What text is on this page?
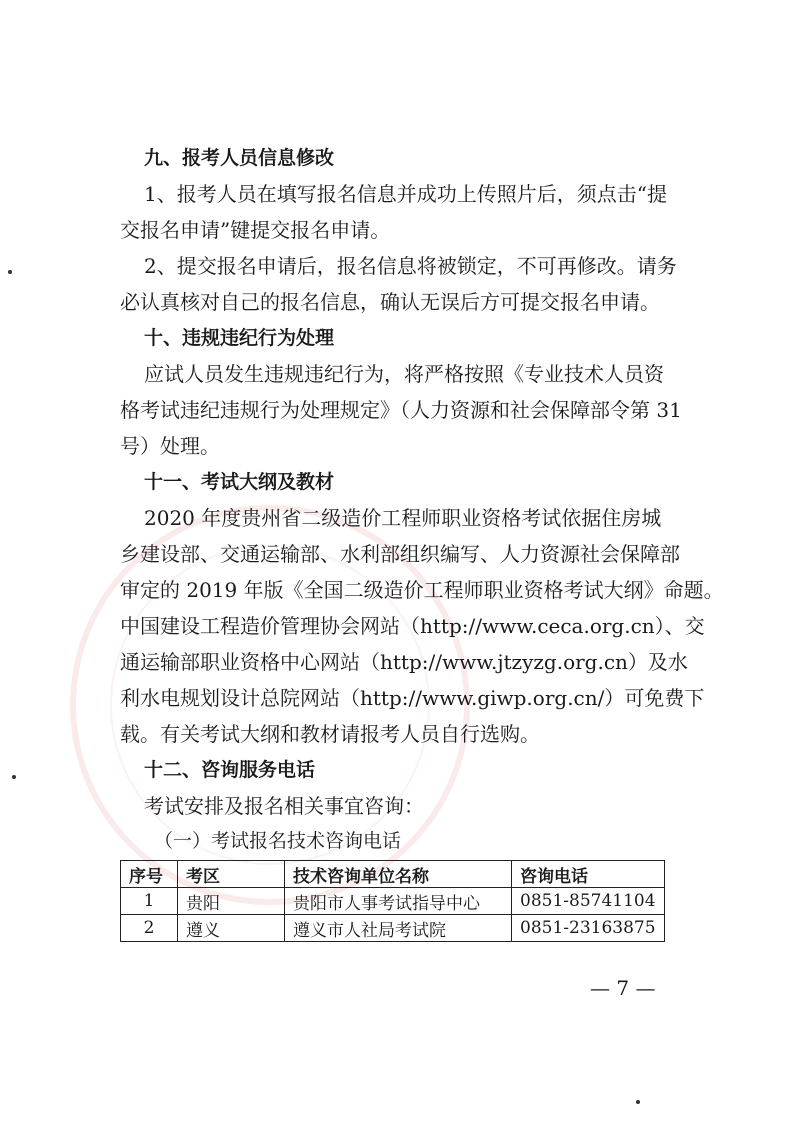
九、报考人员信息修改
1、报考人员在填写报名信息并成功上传照片后，须点击“提
交报名申请”键提交报名申请。
2、提交报名申请后，报名信息将被锁定，不可再修改。请务
必认真核对自己的报名信息，确认无误后方可提交报名申请。
十、违规违纪行为处理
应试人员发生违规违纪行为，将严格按照《专业技术人员资
格考试违纪违规行为处理规定》（人力资源和社会保障部令第 31
号）处理。
十一、考试大纲及教材
2020 年度贵州省二级造价工程师职业资格考试依据住房城
乡建设部、交通运输部、水利部组织编写、人力资源社会保障部
审定的 2019 年版《全国二级造价工程师职业资格考试大纲》命题。
中国建设工程造价管理协会网站（http://www.ceca.org.cn）、交
通运输部职业资格中心网站（http://www.jtzyzg.org.cn）及水
利水电规划设计总院网站（http://www.giwp.org.cn/）可免费下
载。有关考试大纲和教材请报考人员自行选购。
十二、咨询服务电话
考试安排及报名相关事宜咨询：
（一）考试报名技术咨询电话
序号	考区	技术咨询单位名称	咨询电话
1	贵阳	贵阳市人事考试指导中心	0851-85741104
2	遵义	遵义市人社局考试院	0851-23163875
— 7 —
